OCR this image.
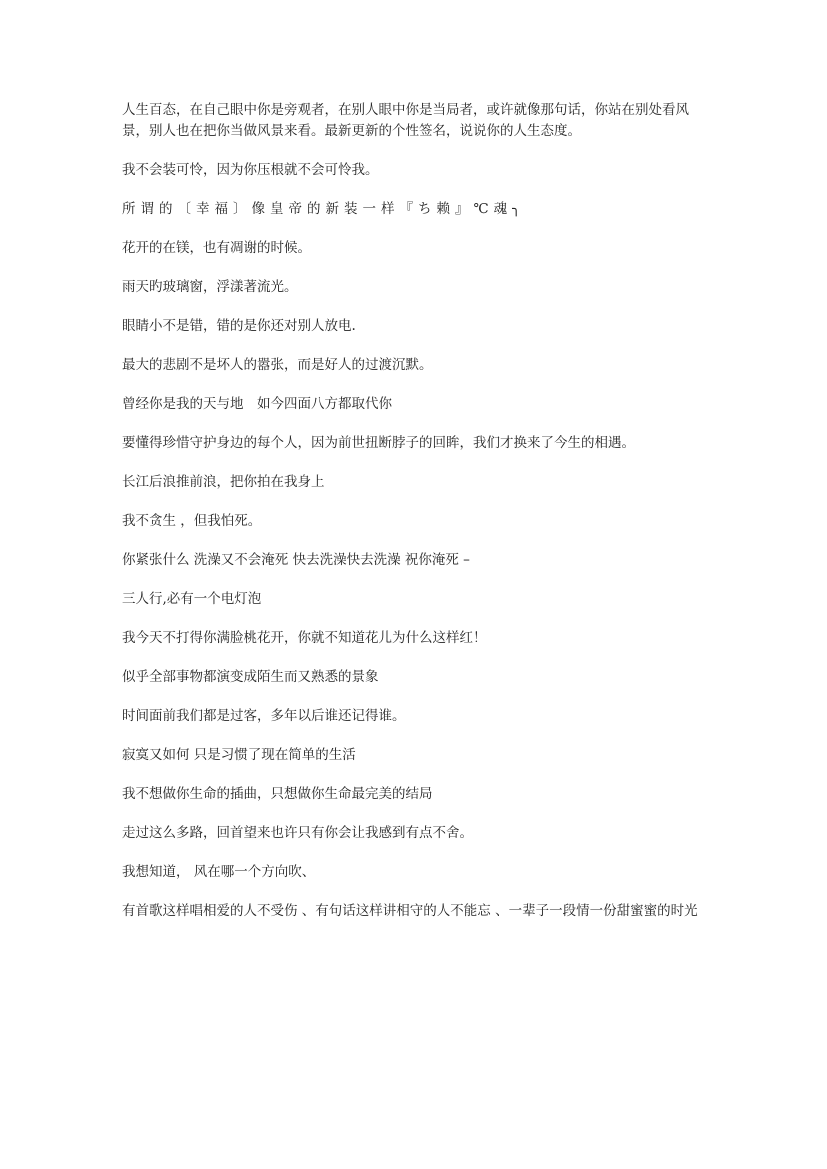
人生百态，在自己眼中你是旁观者，在别人眼中你是当局者，或许就像那句话，你站在别处看风景，别人也在把你当做风景来看。最新更新的个性签名，说说你的人生态度。

我不会装可怜，因为你压根就不会可怜我。

所谓的〔幸福〕像皇帝的新装一样『ち赖』℃魂╮

花开的在镁，也有凋谢的时候。

雨天旳玻璃窗，浮漾著流光。

眼睛小不是错，错的是你还对别人放电.

最大的悲剧不是坏人的嚣张，而是好人的过渡沉默。

曾经你是我的天与地　如今四面八方都取代你

要懂得珍惜守护身边的每个人，因为前世扭断脖子的回眸，我们才换来了今生的相遇。

长江后浪推前浪，把你拍在我身上

我不贪生 ，但我怕死。

你紧张什么 洗澡又不会淹死 快去洗澡快去洗澡 祝你淹死 –

三人行,必有一个电灯泡

我今天不打得你满脸桃花开，你就不知道花儿为什么这样红！

似乎全部事物都演变成陌生而又熟悉的景象

时间面前我们都是过客，多年以后谁还记得谁。

寂寞又如何 只是习惯了现在简单的生活

我不想做你生命的插曲，只想做你生命最完美的结局

走过这么多路，回首望来也许只有你会让我感到有点不舍。

我想知道， 风在哪一个方向吹、

有首歌这样唱相爱的人不受伤 、有句话这样讲相守的人不能忘 、一辈子一段情一份甜蜜蜜的时光
